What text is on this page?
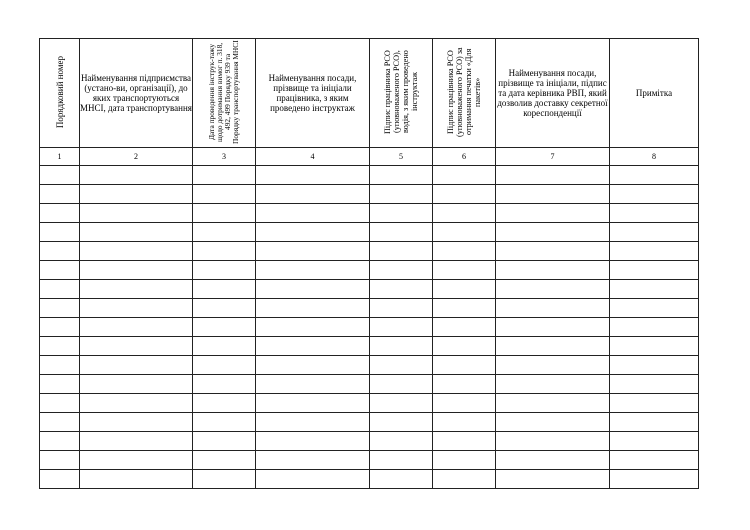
Порядковий номер	Найменування підприємства (устано-ви, організації), до яких транспортуються МНСІ, дата транспортування	Дата проведення інструк-тажу щодо дотримання вимог п. 318, 492, 499 Порядку 939 та Порядку транспортування МНСІ	Найменування посади, прізвище та ініціали працівника, з яким проведено інструктаж	Підпис працівника РСО (уповноваженого РСО), водія, з яким проведено інструктаж	Підпис працівника РСО (уповноваженого РСО) за отримання печатки «Для пакетів»	Найменування посади, прізвище та ініціали, підпис та дата керівника РВП, який дозволив доставку секретної кореспонденції	Примітка
1	2	3	4	5	6	7	8
